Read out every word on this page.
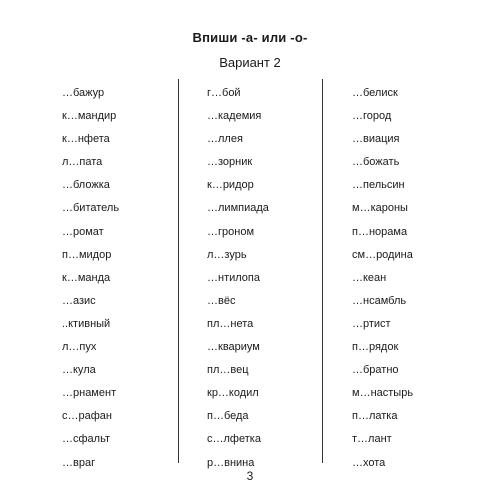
Впиши -а- или -о-
Вариант 2
…бажур
к…мандир
к…нфета
л…пата
…бложка
…битатель
…ромат
п…мидор
к…манда
…азис
..ктивный
л…пух
…кула
…рнамент
с…рафан
…сфальт
…враг
г…бой
…кадемия
…ллея
…зорник
к…ридор
…лимпиада
…гроном
л…зурь
…нтилопа
…вёс
пл…нета
…квариум
пл…вец
кр…кодил
п…беда
с…лфетка
р…внина
…белиск
…город
…виация
…божать
…пельсин
м…кароны
п…норама
см…родина
…кеан
…нсамбль
…ртист
п…рядок
…братно
м…настырь
п…латка
т…лант
…хота
3
